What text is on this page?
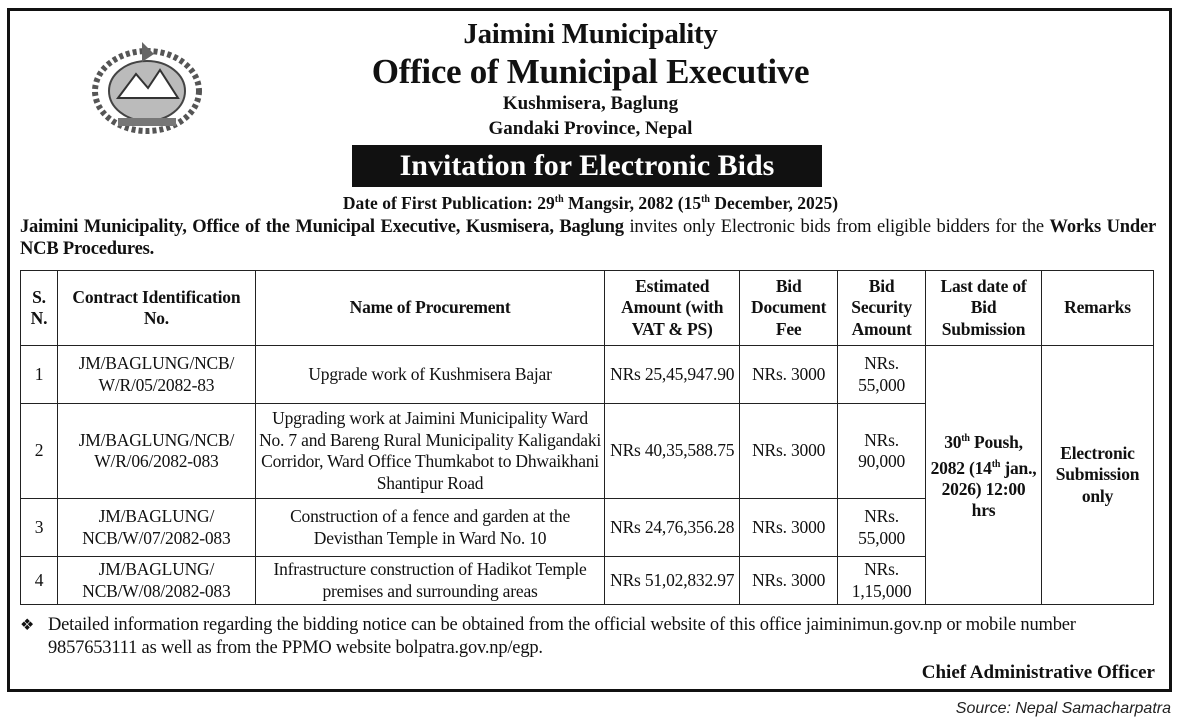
Jaimini Municipality
Office of Municipal Executive
Kushmisera, Baglung
Gandaki Province, Nepal
Invitation for Electronic Bids
Date of First Publication: 29th Mangsir, 2082 (15th December, 2025)
Jaimini Municipality, Office of the Municipal Executive, Kusmisera, Baglung invites only Electronic bids from eligible bidders for the Works Under NCB Procedures.
S. N.	Contract Identification No.	Name of Procurement	Estimated Amount (with VAT & PS)	Bid Document Fee	Bid Security Amount	Last date of Bid Submission	Remarks
1	JM/BAGLUNG/NCB/ W/R/05/2082-83	Upgrade work of Kushmisera Bajar	NRs 25,45,947.90	NRs. 3000	NRs. 55,000	30th Poush, 2082 (14th jan., 2026) 12:00 hrs	Electronic Submission only
2	JM/BAGLUNG/NCB/ W/R/06/2082-083	Upgrading work at Jaimini Municipality Ward No. 7 and Bareng Rural Municipality Kaligandaki Corridor, Ward Office Thumkabot to Dhwaikhani Shantipur Road	NRs 40,35,588.75	NRs. 3000	NRs. 90,000		
3	JM/BAGLUNG/ NCB/W/07/2082-083	Construction of a fence and garden at the Devisthan Temple in Ward No. 10	NRs 24,76,356.28	NRs. 3000	NRs. 55,000		
4	JM/BAGLUNG/ NCB/W/08/2082-083	Infrastructure construction of Hadikot Temple premises and surrounding areas	NRs 51,02,832.97	NRs. 3000	NRs. 1,15,000		
❖ Detailed information regarding the bidding notice can be obtained from the official website of this office jaiminimun.gov.np or mobile number 9857653111 as well as from the PPMO website bolpatra.gov.np/egp.
Chief Administrative Officer
Source: Nepal Samacharpatra
